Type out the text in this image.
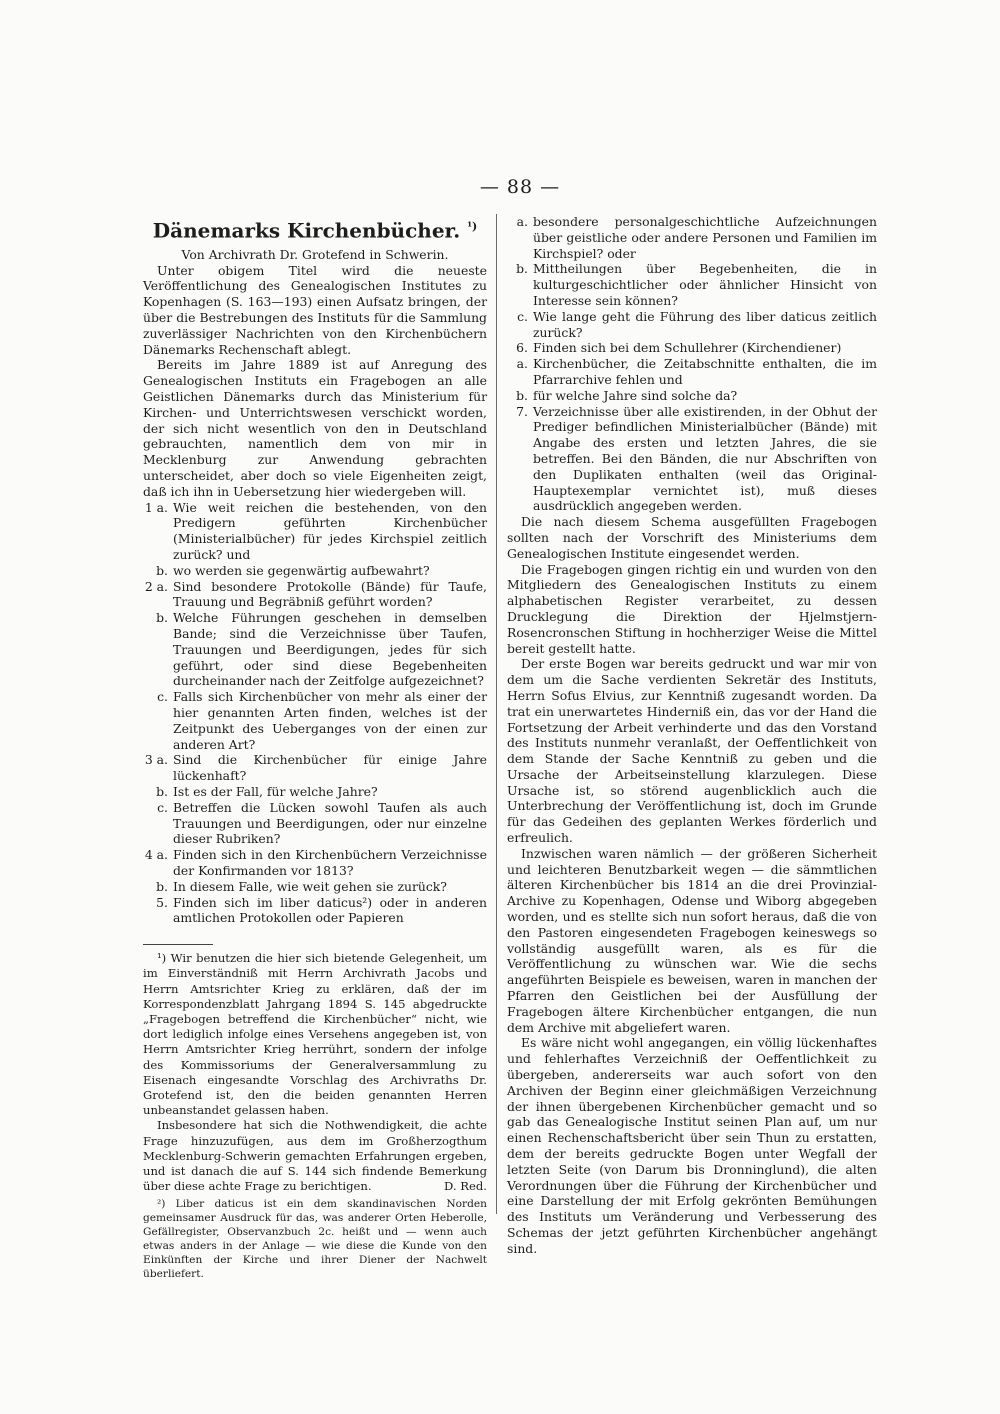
— 88 —
Dänemarks Kirchenbücher. $^{^1)}$
Von Archivrath Dr. Grotefend in Schwerin.

Unter obigem Titel wird die neueste Veröffentlichung des Genealogischen Institutes zu Kopenhagen (S. 163—193) einen Aufsatz bringen, der über die Bestrebungen des Instituts für die Sammlung zuverlässiger Nachrichten von den Kirchenbüchern Dänemarks Rechenschaft ablegt.

Bereits im Jahre 1889 ist auf Anregung des Genealogischen Instituts ein Fragebogen an alle Geistlichen Dänemarks durch das Ministerium für Kirchen- und Unterrichtswesen verschickt worden, der sich nicht wesentlich von den in Deutschland gebrauchten, namentlich dem von mir in Mecklenburg zur Anwendung gebrachten unterscheidet, aber doch so viele Eigenheiten zeigt, daß ich ihn in Uebersetzung hier wiedergeben will.

1 a. Wie weit reichen die bestehenden, von den Predigern geführten Kirchenbücher (Ministerialbücher) für jedes Kirchspiel zeitlich zurück? und
b. wo werden sie gegenwärtig aufbewahrt?
2 a. Sind besondere Protokolle (Bände) für Taufe, Trauung und Begräbniß geführt worden?
b. Welche Führungen geschehen in demselben Bande; sind die Verzeichnisse über Taufen, Trauungen und Beerdigungen, jedes für sich geführt, oder sind diese Begebenheiten durcheinander nach der Zeitfolge aufgezeichnet?
c. Falls sich Kirchenbücher von mehr als einer der hier genannten Arten finden, welches ist der Zeitpunkt des Ueberganges von der einen zur anderen Art?
3 a. Sind die Kirchenbücher für einige Jahre lückenhaft?
b. Ist es der Fall, für welche Jahre?
c. Betreffen die Lücken sowohl Taufen als auch Trauungen und Beerdigungen, oder nur einzelne dieser Rubriken?
4 a. Finden sich in den Kirchenbüchern Verzeichnisse der Konfirmanden vor 1813?
b. In diesem Falle, wie weit gehen sie zurück?
5. Finden sich im liber daticus²) oder in anderen amtlichen Protokollen oder Papieren

¹) Wir benutzen die hier sich bietende Gelegenheit, um im Einverständniß mit Herrn Archivrath Jacobs und Herrn Amtsrichter Krieg zu erklären, daß der im Korrespondenzblatt Jahrgang 1894 S. 145 abgedruckte „Fragebogen betreffend die Kirchenbücher“ nicht, wie dort lediglich infolge eines Versehens angegeben ist, von Herrn Amtsrichter Krieg herrührt, sondern der infolge des Kommissoriums der Generalversammlung zu Eisenach eingesandte Vorschlag des Archivraths Dr. Grotefend ist, den die beiden genannten Herren unbeanstandet gelassen haben.

Insbesondere hat sich die Nothwendigkeit, die achte Frage hinzuzufügen, aus dem im Großherzogthum Mecklenburg-Schwerin gemachten Erfahrungen ergeben, und ist danach die auf S. 144 sich findende Bemerkung über diese achte Frage zu berichtigen.	D. Red.

²) Liber daticus ist ein dem skandinavischen Norden gemeinsamer Ausdruck für das, was anderer Orten Heberolle, Gefällregister, Observanzbuch 2c. heißt und — wenn auch etwas anders in der Anlage — wie diese die Kunde von den Einkünften der Kirche und ihrer Diener der Nachwelt überliefert.
a. besondere personalgeschichtliche Aufzeichnungen über geistliche oder andere Personen und Familien im Kirchspiel? oder
b. Mittheilungen über Begebenheiten, die in kulturgeschichtlicher oder ähnlicher Hinsicht von Interesse sein können?
c. Wie lange geht die Führung des liber daticus zeitlich zurück?
6. Finden sich bei dem Schullehrer (Kirchendiener)
a. Kirchenbücher, die Zeitabschnitte enthalten, die im Pfarrarchive fehlen und
b. für welche Jahre sind solche da?
7. Verzeichnisse über alle existirenden, in der Obhut der Prediger befindlichen Ministerialbücher (Bände) mit Angabe des ersten und letzten Jahres, die sie betreffen. Bei den Bänden, die nur Abschriften von den Duplikaten enthalten (weil das Original-Hauptexemplar vernichtet ist), muß dieses ausdrücklich angegeben werden.

Die nach diesem Schema ausgefüllten Fragebogen sollten nach der Vorschrift des Ministeriums dem Genealogischen Institute eingesendet werden.

Die Fragebogen gingen richtig ein und wurden von den Mitgliedern des Genealogischen Instituts zu einem alphabetischen Register verarbeitet, zu dessen Drucklegung die Direktion der Hjelmstjern-Rosencronschen Stiftung in hochherziger Weise die Mittel bereit gestellt hatte.

Der erste Bogen war bereits gedruckt und war mir von dem um die Sache verdienten Sekretär des Instituts, Herrn Sofus Elvius, zur Kenntniß zugesandt worden. Da trat ein unerwartetes Hinderniß ein, das vor der Hand die Fortsetzung der Arbeit verhinderte und das den Vorstand des Instituts nunmehr veranlaßt, der Oeffentlichkeit von dem Stande der Sache Kenntniß zu geben und die Ursache der Arbeitseinstellung klarzulegen. Diese Ursache ist, so störend augenblicklich auch die Unterbrechung der Veröffentlichung ist, doch im Grunde für das Gedeihen des geplanten Werkes förderlich und erfreulich.

Inzwischen waren nämlich — der größeren Sicherheit und leichteren Benutzbarkeit wegen — die sämmtlichen älteren Kirchenbücher bis 1814 an die drei Provinzial-Archive zu Kopenhagen, Odense und Wiborg abgegeben worden, und es stellte sich nun sofort heraus, daß die von den Pastoren eingesendeten Fragebogen keineswegs so vollständig ausgefüllt waren, als es für die Veröffentlichung zu wünschen war. Wie die sechs angeführten Beispiele es beweisen, waren in manchen der Pfarren den Geistlichen bei der Ausfüllung der Fragebogen ältere Kirchenbücher entgangen, die nun dem Archive mit abgeliefert waren.

Es wäre nicht wohl angegangen, ein völlig lückenhaftes und fehlerhaftes Verzeichniß der Oeffentlichkeit zu übergeben, andererseits war auch sofort von den Archiven der Beginn einer gleichmäßigen Verzeichnung der ihnen übergebenen Kirchenbücher gemacht und so gab das Genealogische Institut seinen Plan auf, um nur einen Rechenschaftsbericht über sein Thun zu erstatten, dem der bereits gedruckte Bogen unter Wegfall der letzten Seite (von Darum bis Dronninglund), die alten Verordnungen über die Führung der Kirchenbücher und eine Darstellung der mit Erfolg gekrönten Bemühungen des Instituts um Veränderung und Verbesserung des Schemas der jetzt geführten Kirchenbücher angehängt sind.
